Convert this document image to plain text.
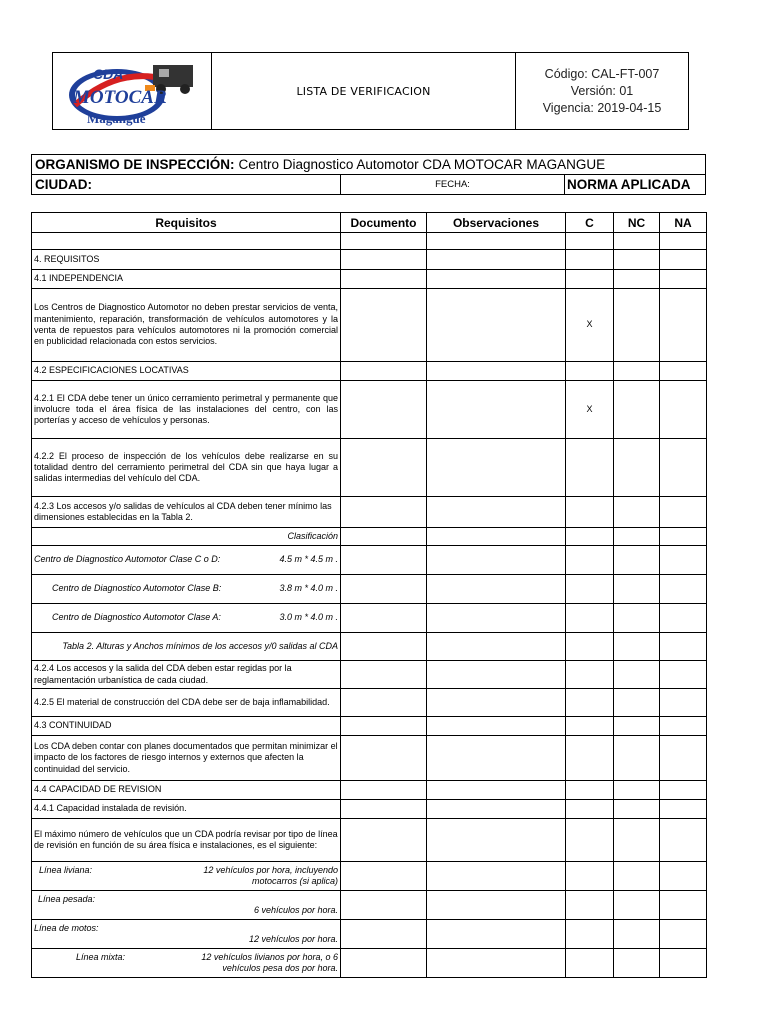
CDA
MOTOCAR
Magangué
LISTA DE VERIFICACION
Código: CAL-FT-007
Versión: 01
Vigencia: 2019-04-15
ORGANISMO DE INSPECCIÓN: Centro Diagnostico Automotor CDA MOTOCAR MAGANGUE
CIUDAD:	FECHA:	NORMA APLICADA
Requisitos	Documento	Observaciones	C	NC	NA

4. REQUISITOS					
4.1 INDEPENDENCIA					
Los Centros de Diagnostico Automotor no deben prestar servicios de venta, mantenimiento, reparación, transformación de vehículos automotores y la venta de repuestos para vehículos automotores ni la promoción comercial en publicidad relacionada con estos servicios.			X		
4.2 ESPECIFICACIONES LOCATIVAS					
4.2.1 El CDA debe tener un único cerramiento perimetral y permanente que involucre toda el área física de las instalaciones del centro, con las porterías y acceso de vehículos y personas.			X		
4.2.2 El proceso de inspección de los vehículos debe realizarse en su totalidad dentro del cerramiento perimetral del CDA sin que haya lugar a salidas intermedias del vehículo del CDA.					
4.2.3 Los accesos y/o salidas de vehículos al CDA deben tener mínimo las dimensiones establecidas en la Tabla 2.					
Clasificación					

Centro de Diagnostico Automotor Clase C o D: 4.5 m * 4.5 m .					

Centro de Diagnostico Automotor Clase B: 3.8 m * 4.0 m .					

Centro de Diagnostico Automotor Clase A: 3.0 m * 4.0 m .					

Tabla 2. Alturas y Anchos mínimos de los accesos y/0 salidas al CDA					
4.2.4 Los accesos y la salida del CDA deben estar regidas por la reglamentación urbanística de cada ciudad.					
4.2.5 El material de construcción del CDA debe ser de baja inflamabilidad.					
4.3 CONTINUIDAD					
Los CDA deben contar con planes documentados que permitan minimizar el impacto de los factores de riesgo internos y externos que afecten la continuidad del servicio.					
4.4 CAPACIDAD DE REVISION					
4.4.1 Capacidad instalada de revisión.					
El máximo número de vehículos que un CDA podría revisar por tipo de línea de revisión en función de su área física e instalaciones, es el siguiente:					

Línea liviana: 12 vehículos por hora, incluyendo motocarros (si aplica)					

Línea pesada:
6 vehículos por hora.					

Línea de motos:
12 vehículos por hora.					

Línea mixta: 12 vehículos livianos por hora, o 6 vehículos pesa dos por hora.					
